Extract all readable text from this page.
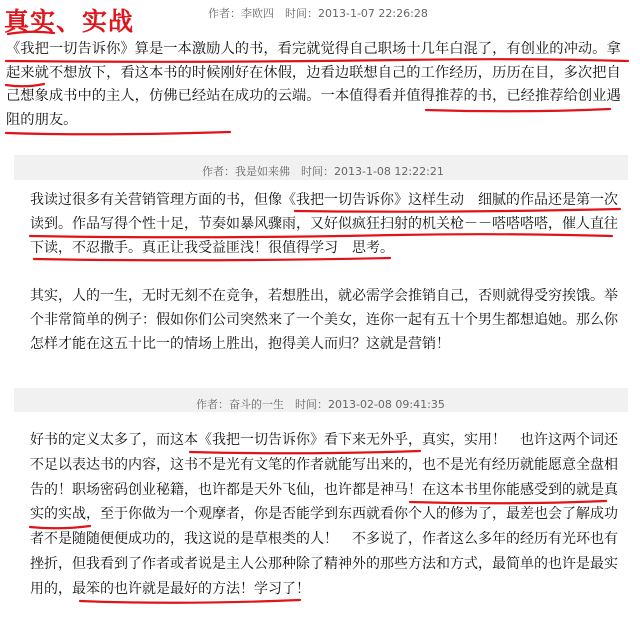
真实、实战	作者：李欧四　时间：2013-1-07 22:26:28

《我把一切告诉你》算是一本激励人的书，看完就觉得自己职场十几年白混了，有创业的冲动。拿起来就不想放下，看这本书的时候刚好在休假，边看边联想自己的工作经历，历历在目，多次把自己想象成书中的主人，仿佛已经站在成功的云端。一本值得看并值得推荐的书，已经推荐给创业遇阻的朋友。

作者：我是如来佛　时间：2013-1-08 12:22:21

我读过很多有关营销管理方面的书，但像《我把一切告诉你》这样生动　细腻的作品还是第一次读到。作品写得个性十足，节奏如暴风骤雨，又好似疯狂扫射的机关枪－－嗒嗒嗒嗒，催人直往下读，不忍撒手。真正让我受益匪浅！很值得学习　思考。

其实，人的一生，无时无刻不在竞争，若想胜出，就必需学会推销自己，否则就得受穷挨饿。举个非常简单的例子：假如你们公司突然来了一个美女，连你一起有五十个男生都想追她。那么你怎样才能在这五十比一的情场上胜出，抱得美人而归？这就是营销！

作者：奋斗的一生　时间：2013-02-08 09:41:35

好书的定义太多了，而这本《我把一切告诉你》看下来无外乎，真实，实用！　也许这两个词还不足以表达书的内容，这书不是光有文笔的作者就能写出来的，也不是光有经历就能愿意全盘相告的！职场密码创业秘籍，也许都是天外飞仙，也许都是神马！在这本书里你能感受到的就是真实的实战，至于你做为一个观摩者，你是否能学到东西就看你个人的修为了，最差也会了解成功者不是随随便便成功的，我这说的是草根类的人！　不多说了，作者这么多年的经历有光环也有挫折，但我看到了作者或者说是主人公那种除了精神外的那些方法和方式，最简单的也许是最实用的，最笨的也许就是最好的方法！学习了！
